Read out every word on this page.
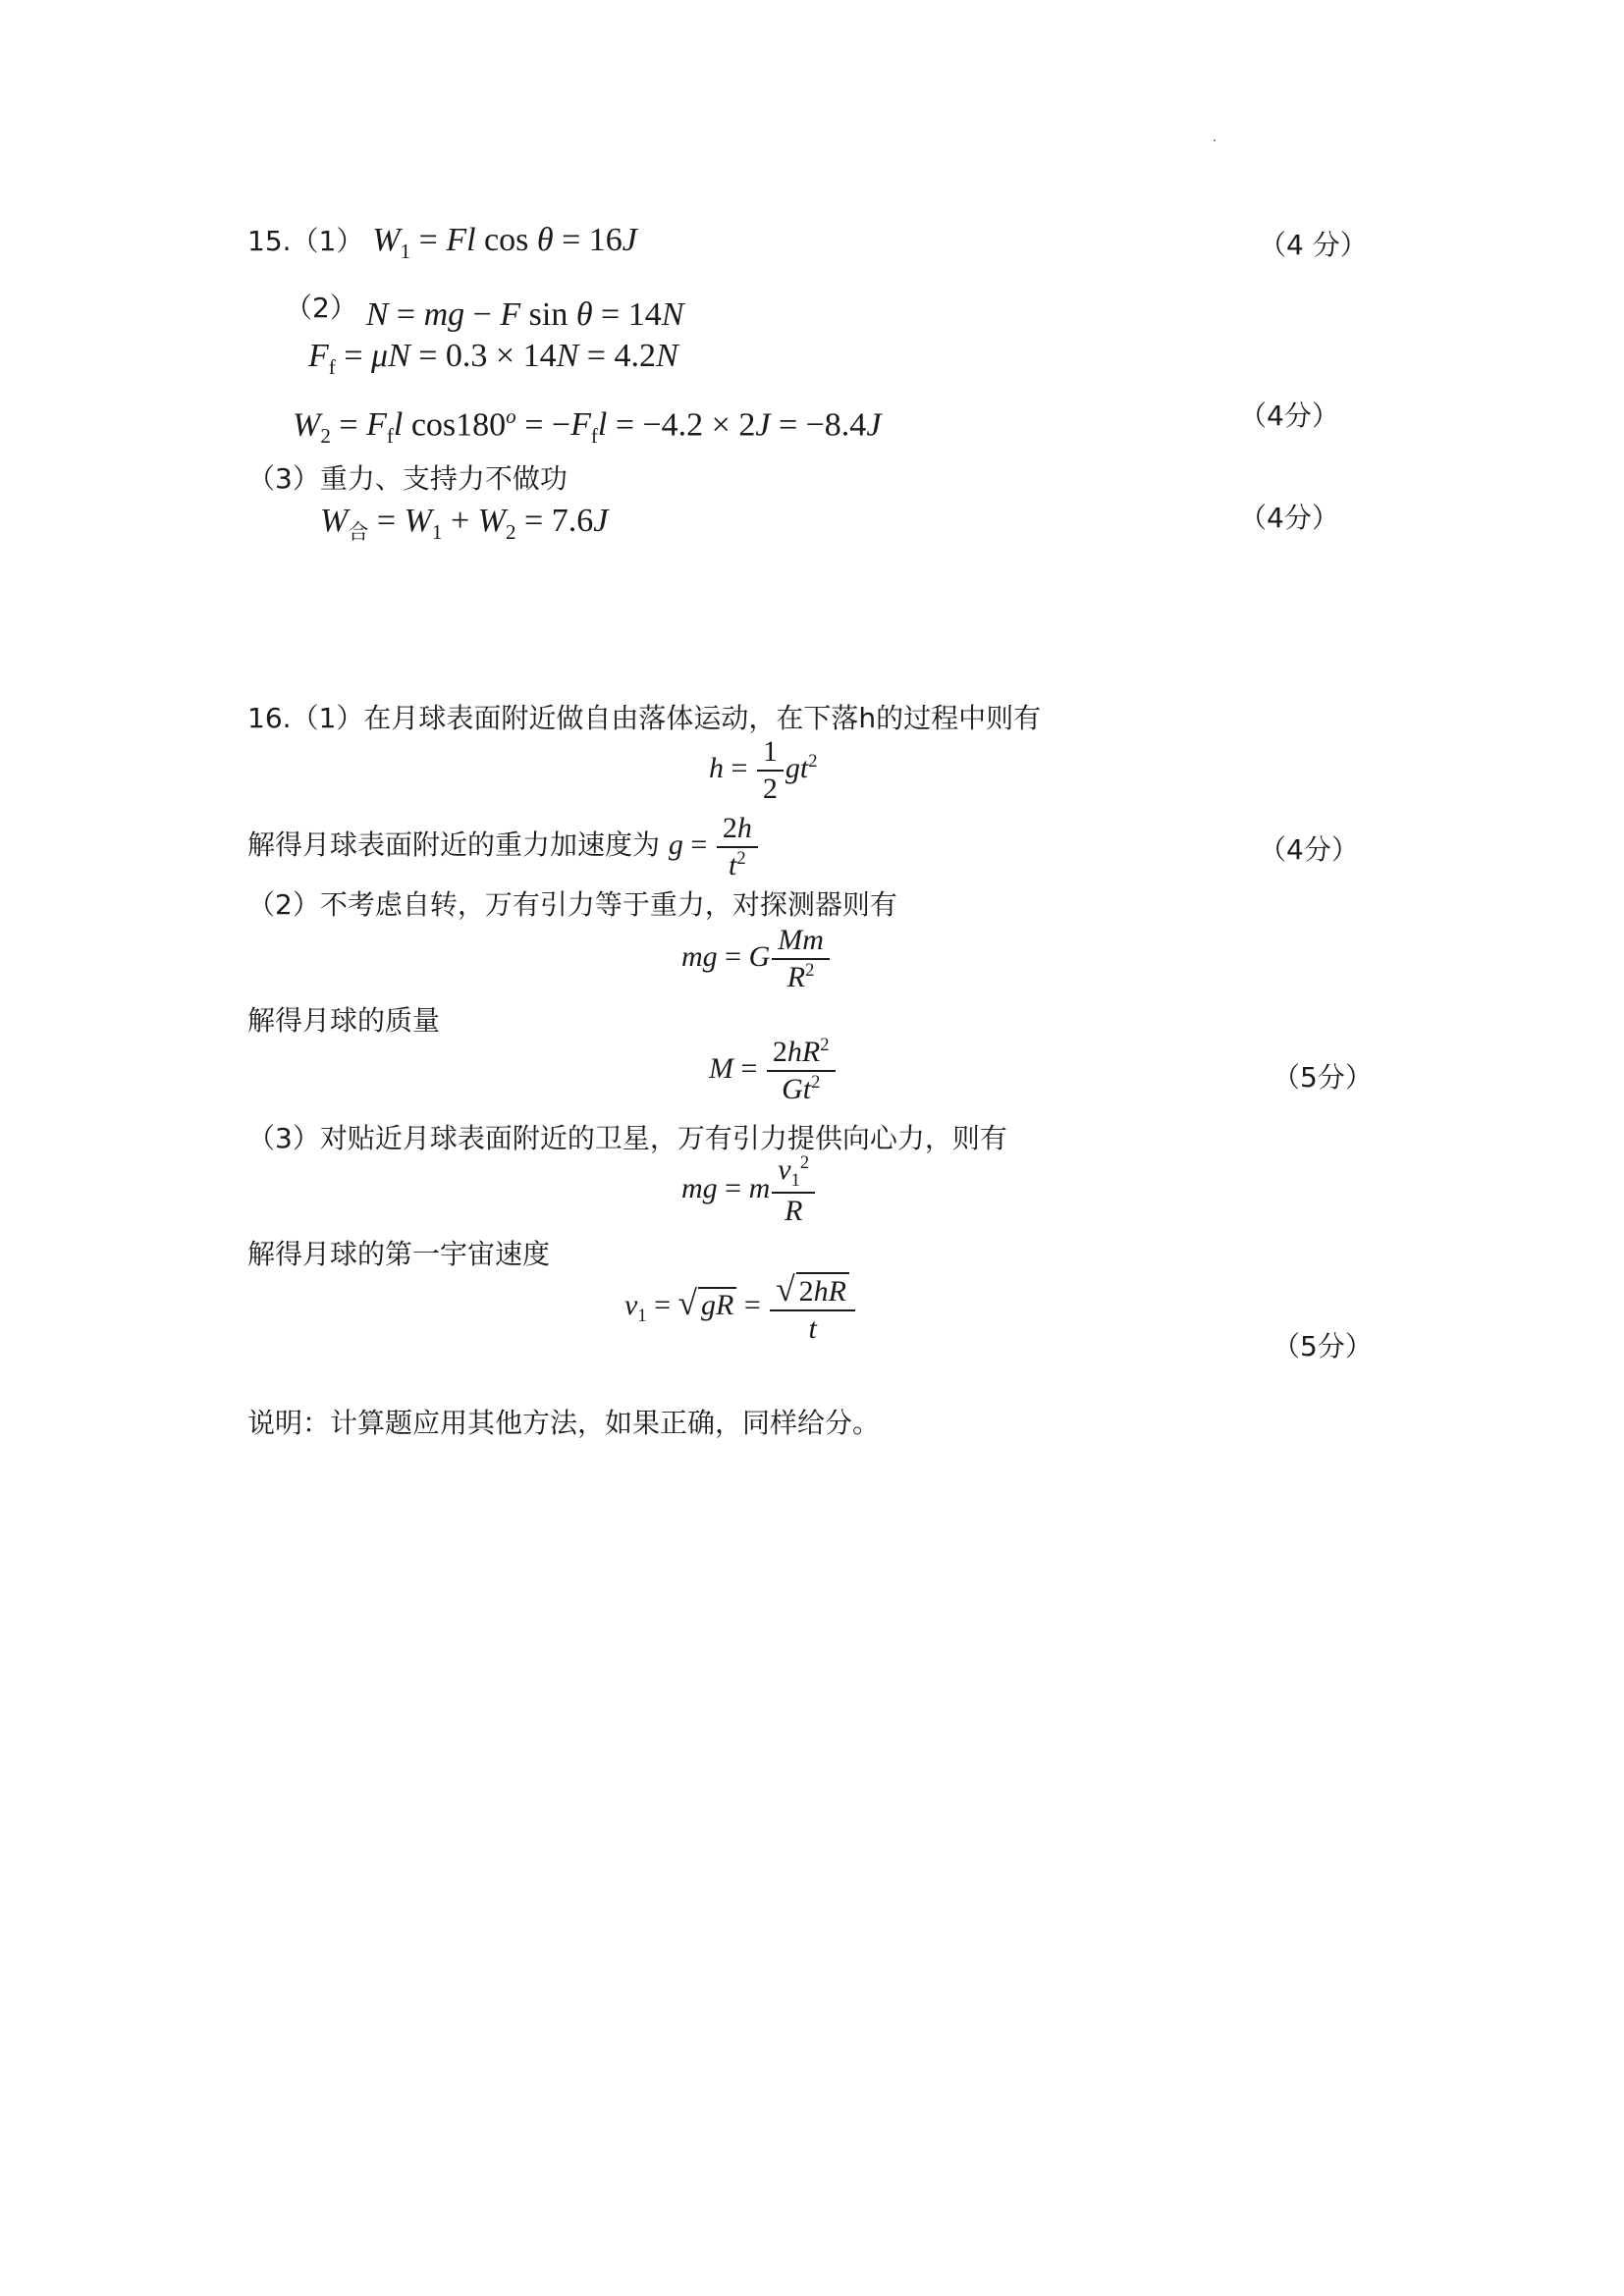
15.（1） $W_1 = Fl$ cos θ = 16J	（4 分）
（2） N = mg − F sin θ = 14N
$F_f = \mu N = 0.3 \times 14N = 4.2N$
$W_2 = F_fl$ $\cos 180^o = -F_fl = -4.2 \times 2J = -8.4J$	（4分）
（3）重力、支持力不做功
$W_合 = W_1 + W_2 = 7.6J$	（4分）
16.（1）在月球表面附近做自由落体运动，在下落h的过程中则有
$h = \frac{1}{2} gt^2$
解得月球表面附近的重力加速度为 $g = \frac{2h}{t^2}$	（4分）
（2）不考虑自转，万有引力等于重力，对探测器则有
mg = G $\frac{Mm}{R^2}$
解得月球的质量
$M = \frac{2hR^2}{Gt^2}$	（5分）
（3）对贴近月球表面附近的卫星，万有引力提供向心力，则有
mg = m $\frac{v_1^2}{R}$
解得月球的第一宇宙速度
$v_1$ = √ gR = $\frac{√ 2hR}{t}$	（5分）
说明：计算题应用其他方法，如果正确，同样给分。
